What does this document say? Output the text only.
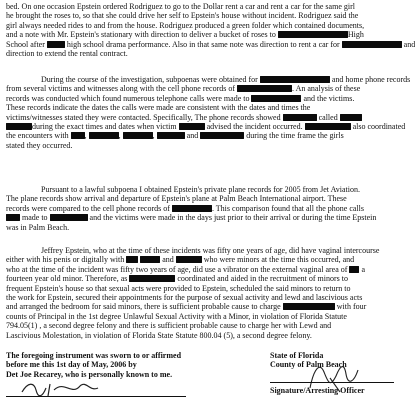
bed. On one occasion Epstein ordered Rodriguez to go to the Dollar rent a car and rent a car for the same girl
he brought the roses to, so that she could drive her self to Epstein's house without incident. Rodriguez said the
girl always needed rides to and from the house. Rodriguez produced a green folder which contained documents,
and a note with Mr. Epstein's stationary with direction to deliver a bucket of roses to	High
School after  high school drama performance. Also in that same note was direction to rent a car for	and
direction to extend the rental contract.
During the course of the investigation, subpoenas were obtained for	and home phone records
from several victims and witnesses along with the cell phone records of	. An analysis of these
records was conducted which found numerous telephone calls were made to	and the victims.
These records indicate the dates the calls were made are consistent with the dates and times the
victims/witnesses stated they were contacted. Specifically, The phone records showed	called
during the exact times and dates when victim	advised the incident occurred.	also coordinated
the encounters with ,	,	,	and	during the time frame the girls
stated they occurred.
Pursuant to a lawful subpoena I obtained Epstein's private plane records for 2005 from Jet Aviation.
The plane records show arrival and departure of Epstein's plane at Palm Beach International airport. These
records were compared to the cell phone records of	. This comparison found that all the phone calls
made to	and the victims were made in the days just prior to their arrival or during the time Epstein
was in Palm Beach.
Jeffrey Epstein, who at the time of these incidents was fifty one years of age, did have vaginal intercourse
either with his penis or digitally with	and	who were minors at the time this occurred, and
who at the time of the incident was fifty two years of age, did use a vibrator on the external vaginal area of  a
fourteen year old minor. Therefore, as	coordinated and aided in the recruitment of minors to
frequent Epstein's house so that sexual acts were provided to Epstein, scheduled the said minors to return to
the work for Epstein, secured their appointments for the purpose of sexual activity and lewd and lascivious acts
and arranged the bedroom for said minors, there is sufficient probable cause to charge	with four
counts of Principal in the 1st degree Unlawful Sexual Activity with a Minor, in violation of Florida Statute
794.05(1) , a second degree felony and there is sufficient probable cause to charge her with Lewd and
Lascivious Molestation, in violation of Florida State Statute 800.04 (5), a second degree felony.
The foregoing instrument was sworn to or affirmed
before me this 1st day of May, 2006 by
Det Joe Recarey, who is personally known to me.
State of Florida
County of Palm Beach
Signature/Arresting Officer
